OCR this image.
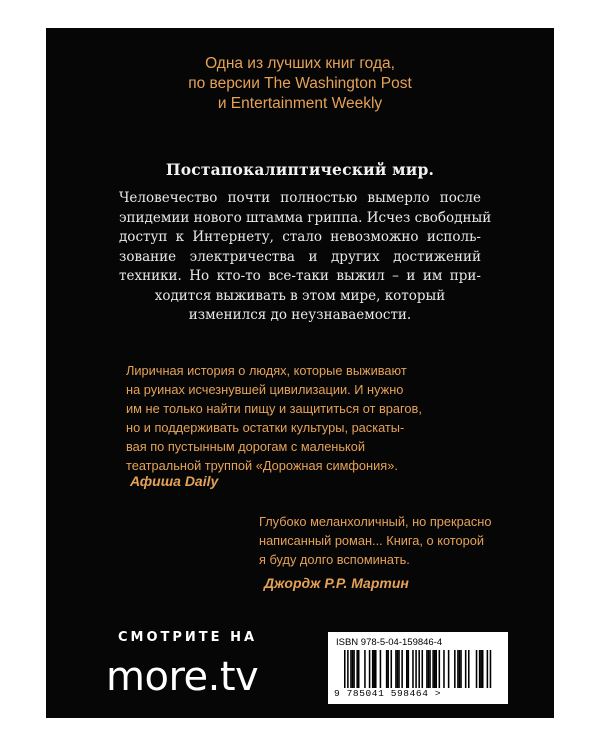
Одна из лучших книг года,
по версии The Washington Post
и Entertainment Weekly
Постапокалиптический мир.
Человечество почти полностью вымерло после
эпидемии нового штамма гриппа. Исчез свободный
доступ к Интернету, стало невозможно исполь-
зование электричества и других достижений
техники. Но кто-то все-таки выжил – и им при-
ходится выживать в этом мире, который
изменился до неузнаваемости.
Лиричная история о людях, которые выживают
на руинах исчезнувшей цивилизации. И нужно
им не только найти пищу и защититься от врагов,
но и поддерживать остатки культуры, раскаты-
вая по пустынным дорогам с маленькой
театральной труппой «Дорожная симфония».
Афиша Daily
Глубоко меланхоличный, но прекрасно
написанный роман... Книга, о которой
я буду долго вспоминать.
Джордж Р.Р. Мартин
СМОТРИТЕ НА
more.tv
ISBN 978-5-04-159846-4
9 785041 598464 >
